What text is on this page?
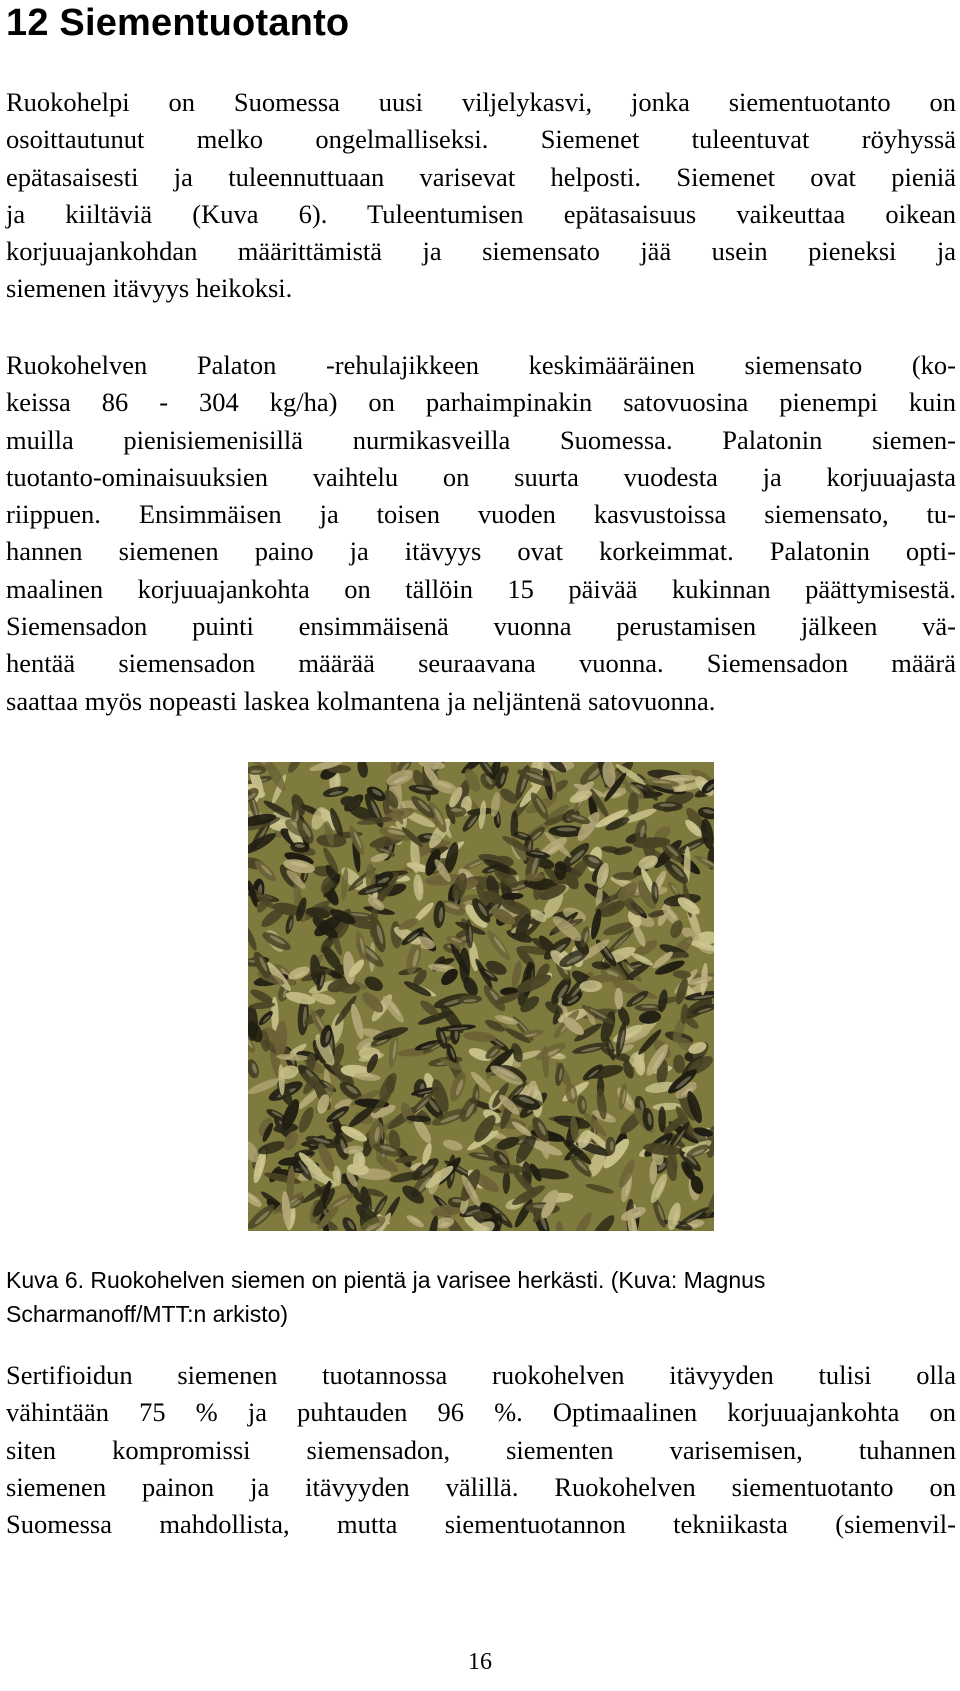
12 Siementuotanto

Ruokohelpi on Suomessa uusi viljelykasvi, jonka siementuotanto on
osoittautunut melko ongelmalliseksi. Siemenet tuleentuvat röyhyssä
epätasaisesti ja tuleennuttuaan varisevat helposti. Siemenet ovat pieniä
ja kiiltäviä (Kuva 6). Tuleentumisen epätasaisuus vaikeuttaa oikean
korjuuajankohdan määrittämistä ja siemensato jää usein pieneksi ja
siemenen itävyys heikoksi.

Ruokohelven Palaton -rehulajikkeen keskimääräinen siemensato (ko-
keissa 86 - 304 kg/ha) on parhaimpinakin satovuosina pienempi kuin
muilla pienisiemenisillä nurmikasveilla Suomessa. Palatonin siemen-
tuotanto-ominaisuuksien vaihtelu on suurta vuodesta ja korjuuajasta
riippuen. Ensimmäisen ja toisen vuoden kasvustoissa siemensato, tu-
hannen siemenen paino ja itävyys ovat korkeimmat. Palatonin opti-
maalinen korjuuajankohta on tällöin 15 päivää kukinnan päättymisestä.
Siemensadon puinti ensimmäisenä vuonna perustamisen jälkeen vä-
hentää siemensadon määrää seuraavana vuonna. Siemensadon määrä
saattaa myös nopeasti laskea kolmantena ja neljäntenä satovuonna.

Kuva 6. Ruokohelven siemen on pientä ja varisee herkästi. (Kuva: Magnus
Scharmanoff/MTT:n arkisto)

Sertifioidun siemenen tuotannossa ruokohelven itävyyden tulisi olla
vähintään 75 % ja puhtauden 96 %. Optimaalinen korjuuajankohta on
siten kompromissi siemensadon, siementen varisemisen, tuhannen
siemenen painon ja itävyyden välillä. Ruokohelven siementuotanto on
Suomessa mahdollista, mutta siementuotannon tekniikasta (siemenvil-

16
